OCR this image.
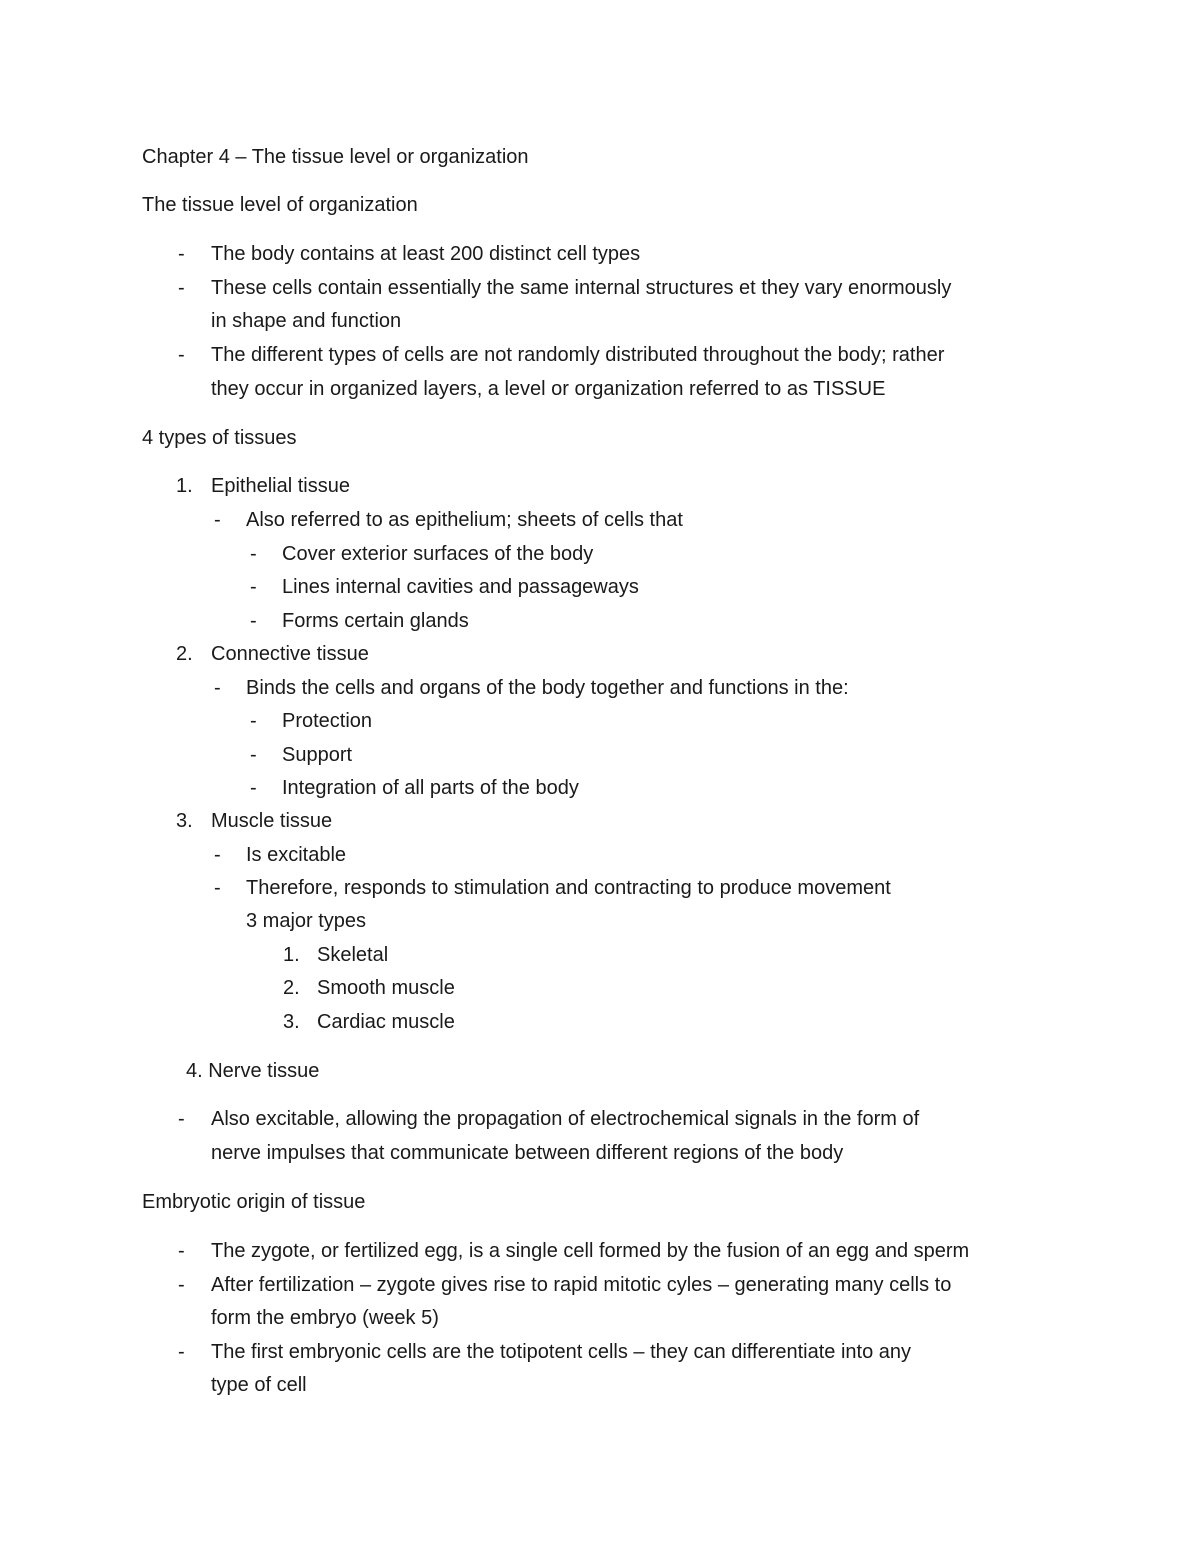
Chapter 4 – The tissue level or organization
The tissue level of organization
- The body contains at least 200 distinct cell types
- These cells contain essentially the same internal structures et they vary enormously
in shape and function
- The different types of cells are not randomly distributed throughout the body; rather
they occur in organized layers, a level or organization referred to as TISSUE
4 types of tissues
1. Epithelial tissue
- Also referred to as epithelium; sheets of cells that
- Cover exterior surfaces of the body
- Lines internal cavities and passageways
- Forms certain glands
2. Connective tissue
- Binds the cells and organs of the body together and functions in the:
- Protection
- Support
- Integration of all parts of the body
3. Muscle tissue
- Is excitable
- Therefore, responds to stimulation and contracting to produce movement
3 major types
1. Skeletal
2. Smooth muscle
3. Cardiac muscle
4. Nerve tissue
- Also excitable, allowing the propagation of electrochemical signals in the form of
nerve impulses that communicate between different regions of the body
Embryotic origin of tissue
- The zygote, or fertilized egg, is a single cell formed by the fusion of an egg and sperm
- After fertilization – zygote gives rise to rapid mitotic cyles – generating many cells to
form the embryo (week 5)
- The first embryonic cells are the totipotent cells – they can differentiate into any
type of cell
